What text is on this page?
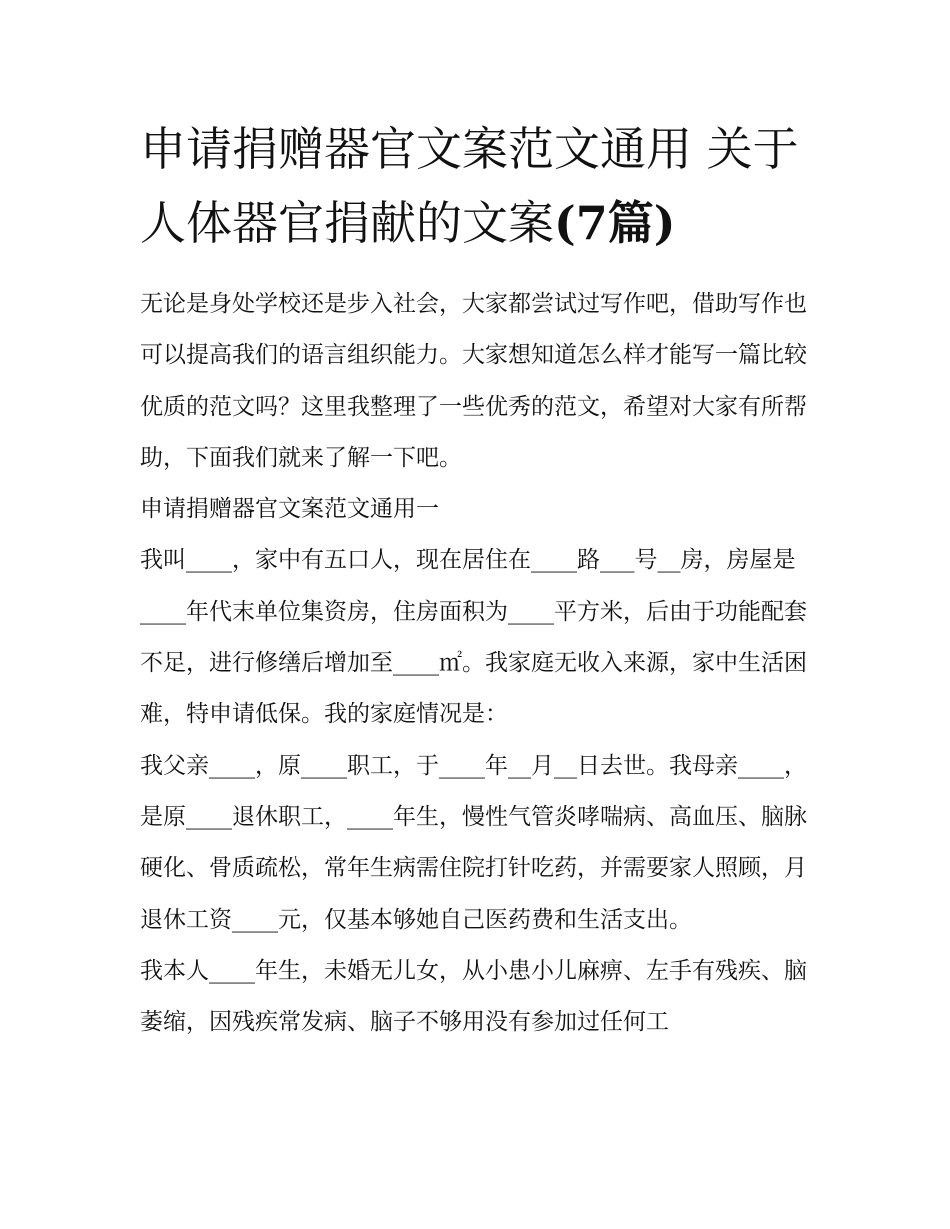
申请捐赠器官文案范文通用 关于人体器官捐献的文案(7篇)

无论是身处学校还是步入社会，大家都尝试过写作吧，借助写作也可以提高我们的语言组织能力。大家想知道怎么样才能写一篇比较优质的范文吗？这里我整理了一些优秀的范文，希望对大家有所帮助，下面我们就来了解一下吧。

申请捐赠器官文案范文通用一

我叫____，家中有五口人，现在居住在____路___号__房，房屋是____年代末单位集资房，住房面积为____平方米，后由于功能配套不足，进行修缮后增加至____㎡。我家庭无收入来源，家中生活困难，特申请低保。我的家庭情况是：

我父亲____，原____职工，于____年__月__日去世。我母亲____，是原____退休职工，____年生，慢性气管炎哮喘病、高血压、脑脉硬化、骨质疏松，常年生病需住院打针吃药，并需要家人照顾，月退休工资____元，仅基本够她自己医药费和生活支出。

我本人____年生，未婚无儿女，从小患小儿麻痹、左手有残疾、脑萎缩，因残疾常发病、脑子不够用没有参加过任何工
